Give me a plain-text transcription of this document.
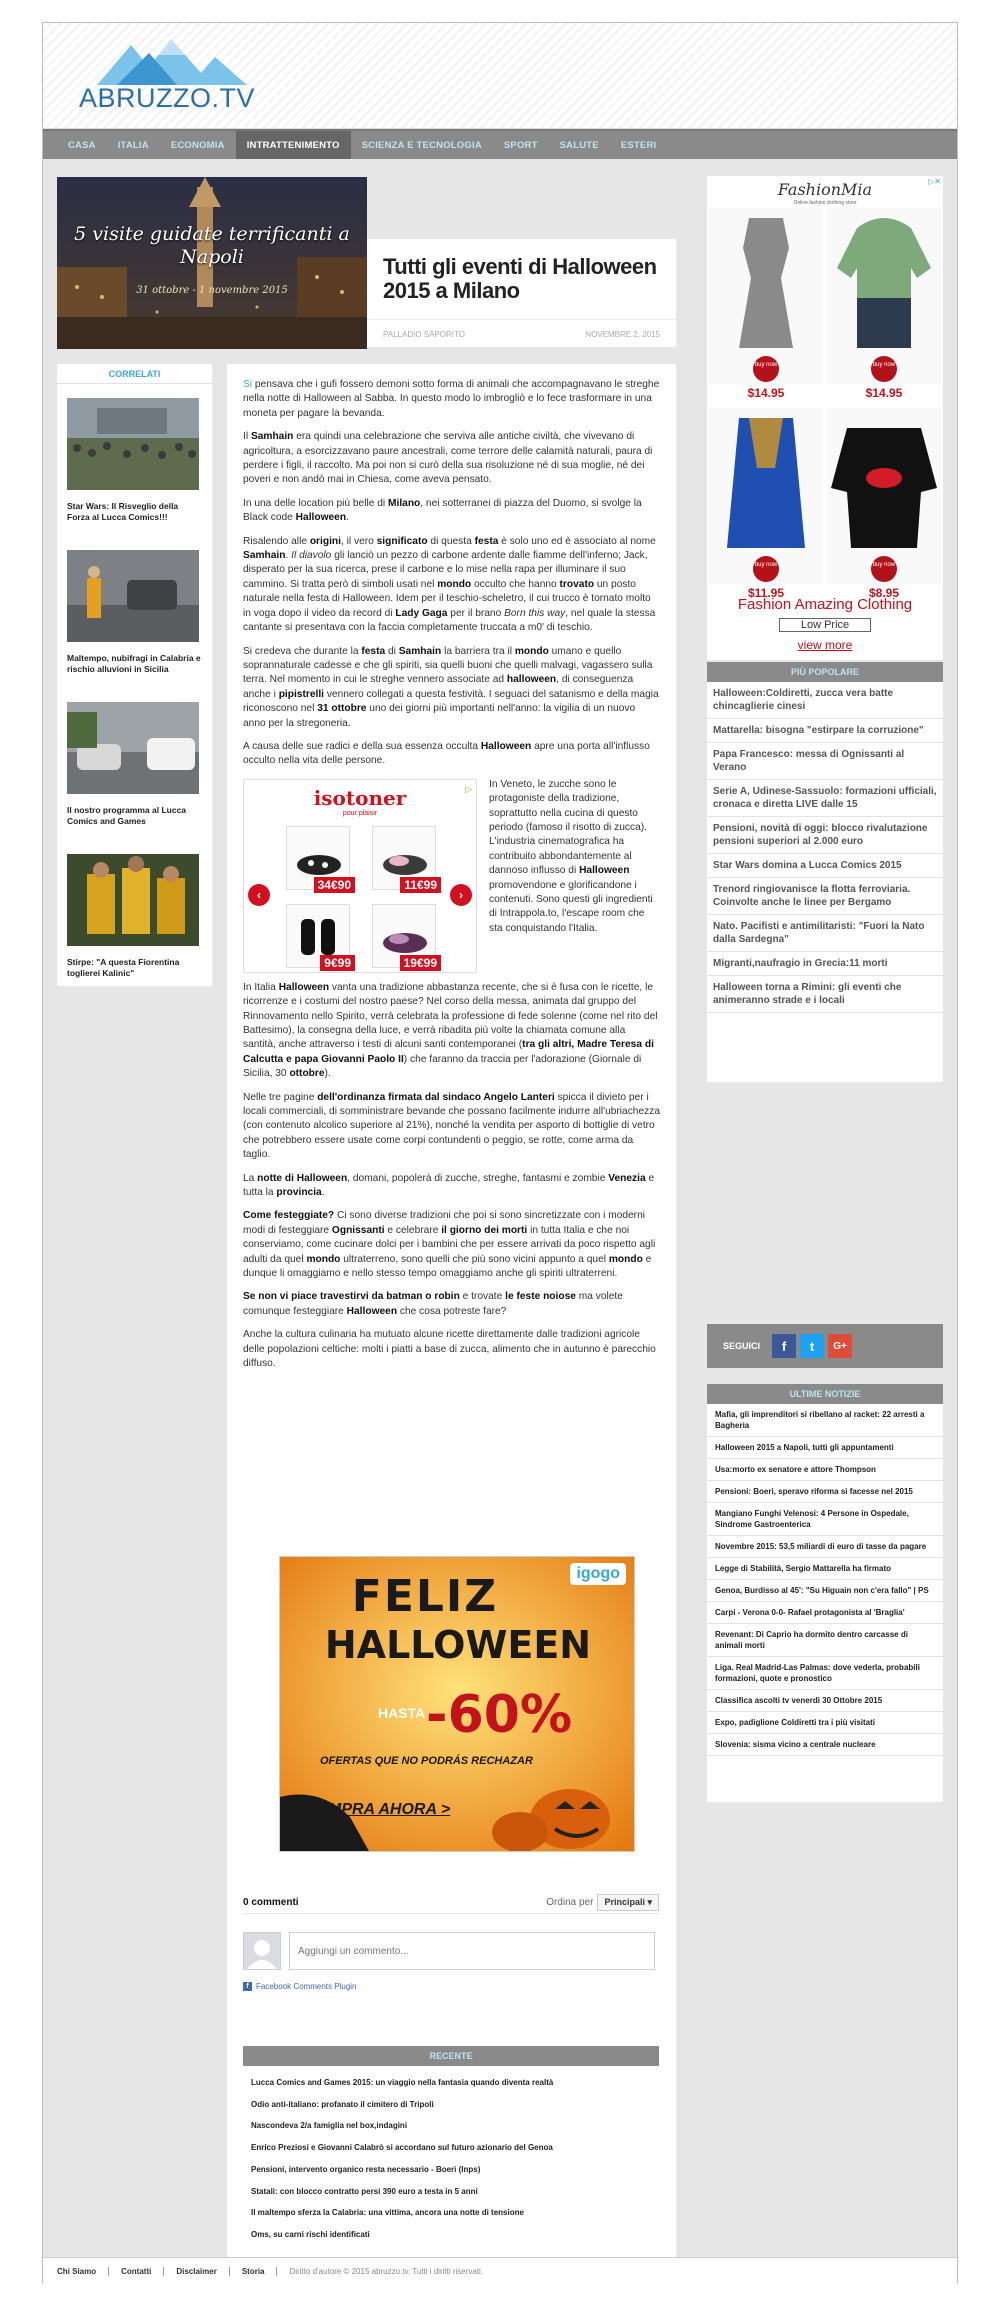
ABRUZZO.TV
CASA	ITALIA	ECONOMIA	INTRATTENIMENTO	SCIENZA E TECNOLOGIA	SPORT	SALUTE	ESTERI
5 visite guidate terrificanti a Napoli
31 ottobre - 1 novembre 2015
Tutti gli eventi di Halloween 2015 a Milano
PALLADIO SAPORITO	NOVEMBRE 2, 2015
CORRELATI
Star Wars: Il Risveglio della Forza al Lucca Comics!!!
Maltempo, nubifragi in Calabria e rischio alluvioni in Sicilia
Il nostro programma al Lucca Comics and Games
Stirpe: "A questa Fiorentina toglierei Kalinic"

Si pensava che i gufi fossero demoni sotto forma di animali che accompagnavano le streghe nella notte di Halloween al Sabba. In questo modo lo imbrogliò e lo fece trasformare in una moneta per pagare la bevanda.

Il Samhain era quindi una celebrazione che serviva alle antiche civiltà, che vivevano di agricoltura, a esorcizzavano paure ancestrali, come terrore delle calamità naturali, paura di perdere i figli, il raccolto. Ma poi non si curò della sua risoluzione né di sua moglie, né dei poveri e non andò mai in Chiesa, come aveva pensato.

In una delle location più belle di Milano, nei sotterranei di piazza del Duomo, si svolge la Black code Halloween.

Risalendo alle origini, il vero significato di questa festa è solo uno ed è associato al nome Samhain. Il diavolo gli lanciò un pezzo di carbone ardente dalle fiamme dell'inferno; Jack, disperato per la sua ricerca, prese il carbone e lo mise nella rapa per illuminare il suo cammino. Si tratta però di simboli usati nel mondo occulto che hanno trovato un posto naturale nella festa di Halloween. Idem per il teschio-scheletro, il cui trucco è tornato molto in voga dopo il video da record di Lady Gaga per il brano Born this way, nel quale la stessa cantante si presentava con la faccia completamente truccata a m0' di teschio.

Si credeva che durante la festa di Samhain la barriera tra il mondo umano e quello soprannaturale cadesse e che gli spiriti, sia quelli buoni che quelli malvagi, vagassero sulla terra. Nel momento in cui le streghe vennero associate ad halloween, di conseguenza anche i pipistrelli vennero collegati a questa festività. I seguaci del satanismo e della magia riconoscono nel 31 ottobre uno dei giorni più importanti nell'anno: la vigilia di un nuovo anno per la stregoneria.

A causa delle sue radici e della sua essenza occulta Halloween apre una porta all'influsso occulto nella vita delle persone.

isotoner
pour plaisir
▷
34€90	11€99
9€99	19€99
‹	›

In Veneto, le zucche sono le protagoniste della tradizione, soprattutto nella cucina di questo periodo (famoso il risotto di zucca). L'industria cinematografica ha contribuito abbondantemente al dannoso influsso di Halloween promovendone e glorificandone i contenuti. Sono questi gli ingredienti di Intrappola.to, l'escape room che sta conquistando l'Italia.

In Italia Halloween vanta una tradizione abbastanza recente, che si è fusa con le ricette, le ricorrenze e i costumi del nostro paese? Nel corso della messa, animata dal gruppo del Rinnovamento nello Spirito, verrà celebrata la professione di fede solenne (come nel rito del Battesimo), la consegna della luce, e verrà ribadita più volte la chiamata comune alla santità, anche attraverso i testi di alcuni santi contemporanei (tra gli altri, Madre Teresa di Calcutta e papa Giovanni Paolo II) che faranno da traccia per l'adorazione (Giornale di Sicilia, 30 ottobre).

Nelle tre pagine dell'ordinanza firmata dal sindaco Angelo Lanteri spicca il divieto per i locali commerciali, di somministrare bevande che possano facilmente indurre all'ubriachezza (con contenuto alcolico superiore al 21%), nonché la vendita per asporto di bottiglie di vetro che potrebbero essere usate come corpi contundenti o peggio, se rotte, come arma da taglio.

La notte di Halloween, domani, popolerà di zucche, streghe, fantasmi e zombie Venezia e tutta la provincia.

Come festeggiate? Ci sono diverse tradizioni che poi si sono sincretizzate con i moderni modi di festeggiare Ognissanti e celebrare il giorno dei morti in tutta Italia e che noi conserviamo, come cucinare dolci per i bambini che per essere arrivati da poco rispetto agli adulti da quel mondo ultraterreno, sono quelli che più sono vicini appunto a quel mondo e dunque li omaggiamo e nello stesso tempo omaggiamo anche gli spiriti ultraterreni.

Se non vi piace travestirvi da batman o robin e trovate le feste noiose ma volete comunque festeggiare Halloween che cosa potreste fare?

Anche la cultura culinaria ha mutuato alcune ricette direttamente dalle tradizioni agricole delle popolazioni celtiche: molti i piatti a base di zucca, alimento che in autunno è parecchio diffuso.

FELIZ
HALLOWEEN
HASTA -60%
OFERTAS QUE NO PODRÁS RECHAZAR
COMPRA AHORA >
igogo
0 commenti	Ordina per	Principali ▾
Aggiungi un commento...
f Facebook Comments Plugin
RECENTE
Lucca Comics and Games 2015: un viaggio nella fantasia quando diventa realtà
Odio anti-italiano: profanato il cimitero di Tripoli
Nascondeva 2/a famiglia nel box,indagini
Enrico Preziosi e Giovanni Calabrò si accordano sul futuro azionario del Genoa
Pensioni, intervento organico resta necessario - Boeri (Inps)
Statali: con blocco contratto persi 390 euro a testa in 5 anni
Il maltempo sferza la Calabria: una vittima, ancora una notte di tensione
Oms, su carni rischi identificati
▷✕
FashionMia
Online fashion clothing store
buy now
$14.95
buy now
$14.95
buy now
$11.95
buy now
$8.95
Fashion Amazing Clothing
Low Price
view more
PIÙ POPOLARE
Halloween:Coldiretti, zucca vera batte chincaglierie cinesi
Mattarella: bisogna "estirpare la corruzione"
Papa Francesco: messa di Ognissanti al Verano
Serie A, Udinese-Sassuolo: formazioni ufficiali, cronaca e diretta LIVE dalle 15
Pensioni, novità di oggi: blocco rivalutazione pensioni superiori al 2.000 euro
Star Wars domina a Lucca Comics 2015
Trenord ringiovanisce la flotta ferroviaria. Coinvolte anche le linee per Bergamo
Nato. Pacifisti e antimilitaristi: "Fuori la Nato dalla Sardegna"
Migranti,naufragio in Grecia:11 morti
Halloween torna a Rimini: gli eventi che animeranno strade e i locali
SEGUICI	f	t	G+
ULTIME NOTIZIE
Mafia, gli imprenditori si ribellano al racket: 22 arresti a Bagheria
Halloween 2015 a Napoli, tutti gli appuntamenti
Usa:morto ex senatore e attore Thompson
Pensioni: Boeri, speravo riforma si facesse nel 2015
Mangiano Funghi Velenosi: 4 Persone in Ospedale, Sindrome Gastroenterica
Novembre 2015: 53,5 miliardi di euro di tasse da pagare
Legge di Stabilità, Sergio Mattarella ha firmato
Genoa, Burdisso al 45': "Su Higuain non c'era fallo" | PS
Carpi - Verona 0-0- Rafael protagonista al 'Braglia'
Revenant: Di Caprio ha dormito dentro carcasse di animali morti
Liga. Real Madrid-Las Palmas: dove vederla, probabili formazioni, quote e pronostico
Classifica ascolti tv venerdì 30 Ottobre 2015
Expo, padiglione Coldiretti tra i più visitati
Slovenia: sisma vicino a centrale nucleare
Chi Siamo	Contatti	Disclaimer	Storia	Diritto d'autore © 2015 abruzzo.tv. Tutti i diritti riservati.
